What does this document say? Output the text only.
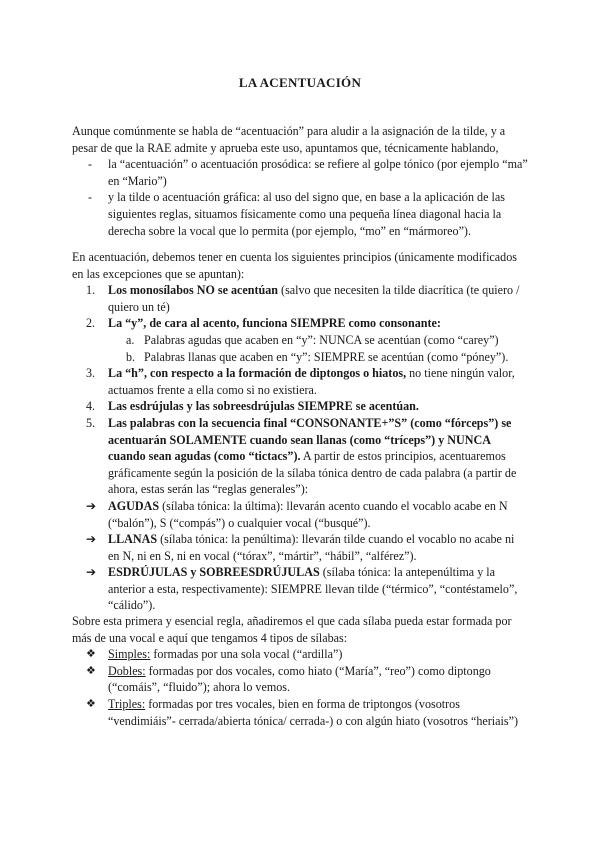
LA ACENTUACIÓN

Aunque comúnmente se habla de “acentuación” para aludir a la asignación de la tilde, y a pesar de que la RAE admite y aprueba este uso, apuntamos que, técnicamente hablando,

- la “acentuación” o acentuación prosódica: se refiere al golpe tónico (por ejemplo “ma” en “Mario”)

- y la tilde o acentuación gráfica: al uso del signo que, en base a la aplicación de las siguientes reglas, situamos físicamente como una pequeña línea diagonal hacia la derecha sobre la vocal que lo permita (por ejemplo, “mo” en “mármoreo”).

En acentuación, debemos tener en cuenta los siguientes principios (únicamente modificados en las excepciones que se apuntan):

1. Los monosílabos NO se acentúan (salvo que necesiten la tilde diacrítica (te quiero / quiero un té)

2. La “y”, de cara al acento, funciona SIEMPRE como consonante:

a. Palabras agudas que acaben en “y”: NUNCA se acentúan (como “carey”)

b. Palabras llanas que acaben en “y”: SIEMPRE se acentúan (como “póney”).

3. La “h”, con respecto a la formación de diptongos o hiatos, no tiene ningún valor, actuamos frente a ella como si no existiera.

4. Las esdrújulas y las sobreesdrújulas SIEMPRE se acentúan.

5. Las palabras con la secuencia final “CONSONANTE+”S” (como “fórceps”) se acentuarán SOLAMENTE cuando sean llanas (como “tríceps”) y NUNCA cuando sean agudas (como “tictacs”). A partir de estos principios, acentuaremos gráficamente según la posición de la sílaba tónica dentro de cada palabra (a partir de ahora, estas serán las “reglas generales”):

➔ AGUDAS (sílaba tónica: la última): llevarán acento cuando el vocablo acabe en N (“balón”), S (“compás”) o cualquier vocal (“busqué”).

➔ LLANAS (sílaba tónica: la penúltima): llevarán tilde cuando el vocablo no acabe ni en N, ni en S, ni en vocal (“tórax”, “mártir”, “hábil”, “alférez”).

➔ ESDRÚJULAS y SOBREESDRÚJULAS (sílaba tónica: la antepenúltima y la anterior a esta, respectivamente): SIEMPRE llevan tilde (“térmico”, “contéstamelo”, “cálido”).

Sobre esta primera y esencial regla, añadiremos el que cada sílaba pueda estar formada por más de una vocal e aquí que tengamos 4 tipos de sílabas:

❖ Simples: formadas por una sola vocal (“ardilla”)

❖ Dobles: formadas por dos vocales, como hiato (“María”, “reo”) como diptongo (“comáis”, “fluido”); ahora lo vemos.

❖ Triples: formadas por tres vocales, bien en forma de triptongos (vosotros “vendimiáis”- cerrada/abierta tónica/ cerrada-) o con algún hiato (vosotros “heriais”)
